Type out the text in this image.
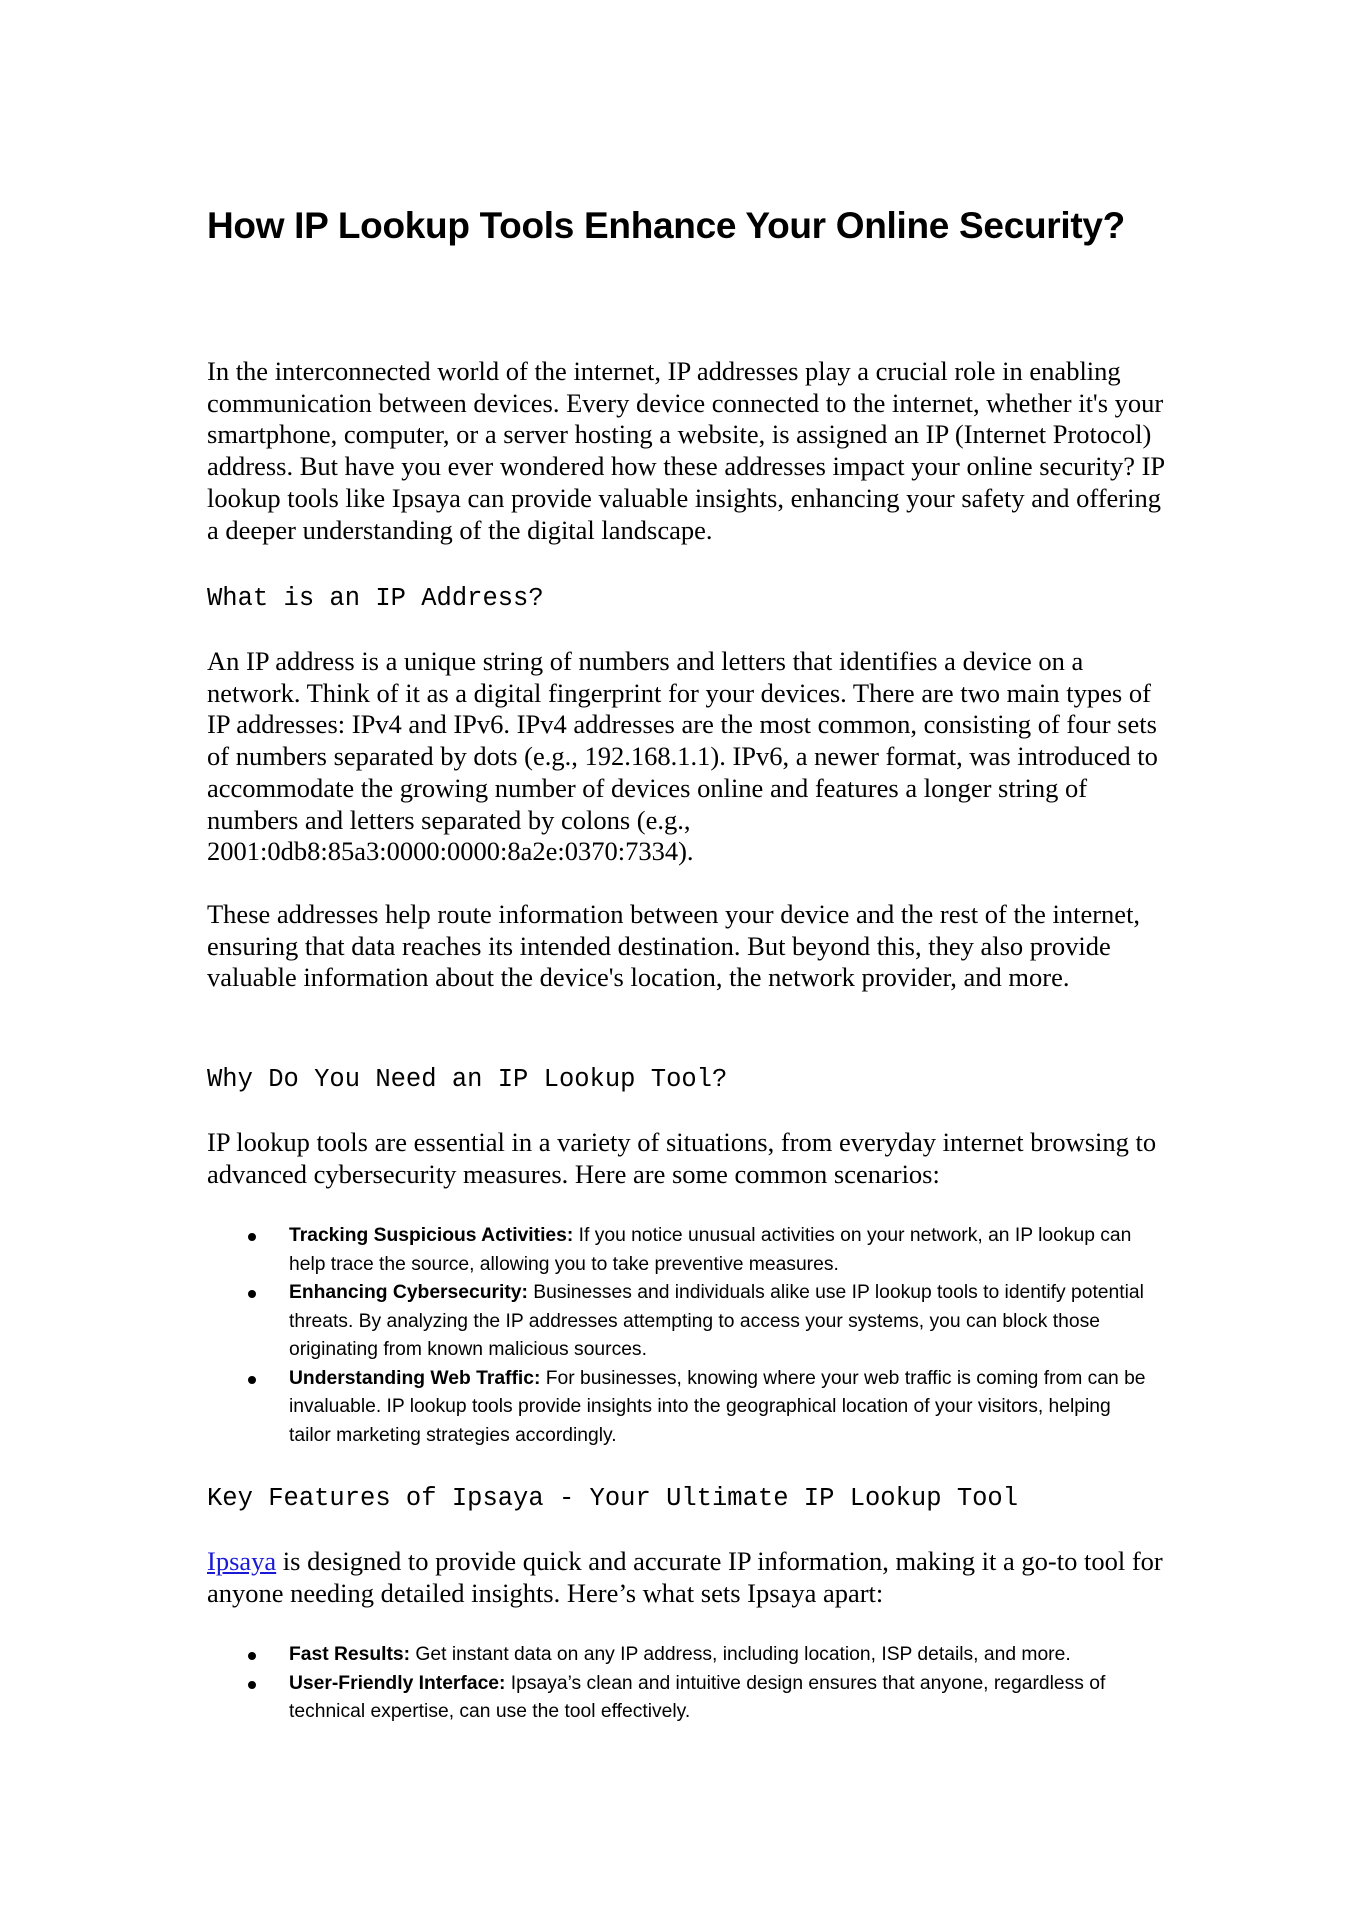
How IP Lookup Tools Enhance Your Online Security?

In the interconnected world of the internet, IP addresses play a crucial role in enabling communication between devices. Every device connected to the internet, whether it's your smartphone, computer, or a server hosting a website, is assigned an IP (Internet Protocol) address. But have you ever wondered how these addresses impact your online security? IP lookup tools like Ipsaya can provide valuable insights, enhancing your safety and offering a deeper understanding of the digital landscape.

What is an IP Address?

An IP address is a unique string of numbers and letters that identifies a device on a network. Think of it as a digital fingerprint for your devices. There are two main types of IP addresses: IPv4 and IPv6. IPv4 addresses are the most common, consisting of four sets of numbers separated by dots (e.g., 192.168.1.1). IPv6, a newer format, was introduced to accommodate the growing number of devices online and features a longer string of numbers and letters separated by colons (e.g., 2001:0db8:85a3:0000:0000:8a2e:0370:7334).

These addresses help route information between your device and the rest of the internet, ensuring that data reaches its intended destination. But beyond this, they also provide valuable information about the device's location, the network provider, and more.

Why Do You Need an IP Lookup Tool?

IP lookup tools are essential in a variety of situations, from everyday internet browsing to advanced cybersecurity measures. Here are some common scenarios:

Tracking Suspicious Activities: If you notice unusual activities on your network, an IP lookup can help trace the source, allowing you to take preventive measures.
Enhancing Cybersecurity: Businesses and individuals alike use IP lookup tools to identify potential threats. By analyzing the IP addresses attempting to access your systems, you can block those originating from known malicious sources.
Understanding Web Traffic: For businesses, knowing where your web traffic is coming from can be invaluable. IP lookup tools provide insights into the geographical location of your visitors, helping tailor marketing strategies accordingly.
Key Features of Ipsaya - Your Ultimate IP Lookup Tool

Ipsaya is designed to provide quick and accurate IP information, making it a go-to tool for anyone needing detailed insights. Here’s what sets Ipsaya apart:

Fast Results: Get instant data on any IP address, including location, ISP details, and more.
User-Friendly Interface: Ipsaya’s clean and intuitive design ensures that anyone, regardless of technical expertise, can use the tool effectively.
